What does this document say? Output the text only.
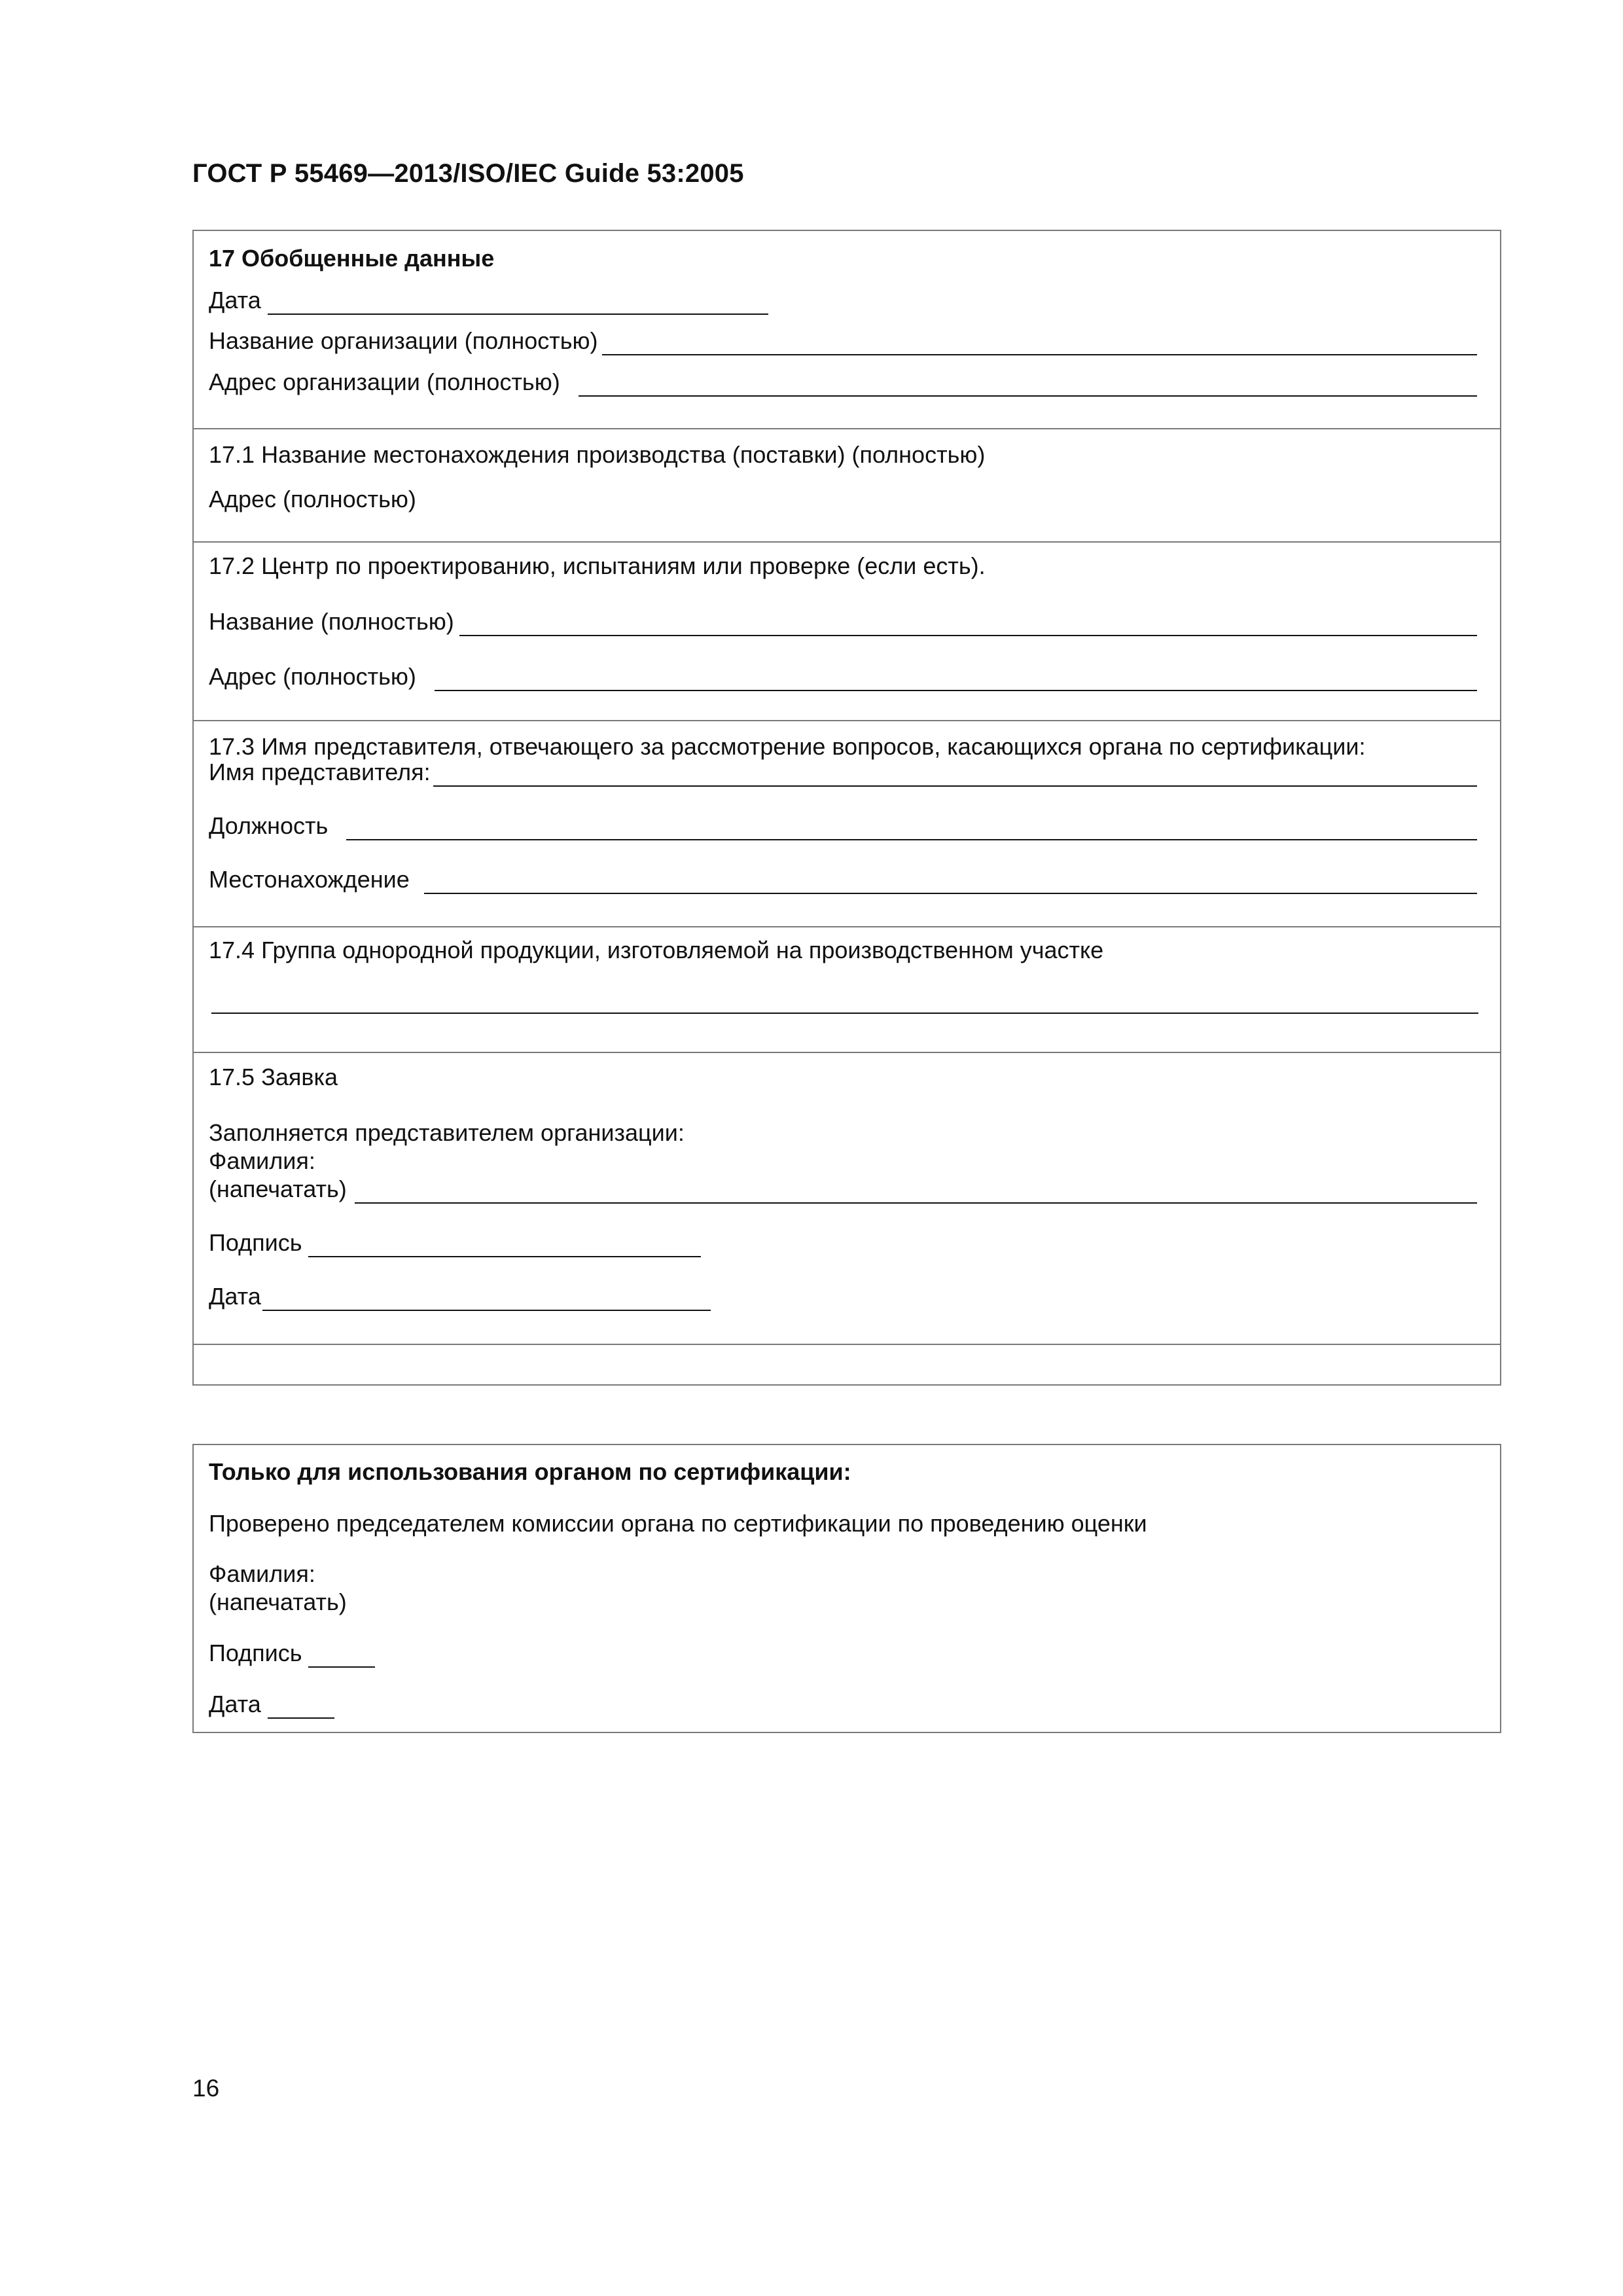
ГОСТ Р 55469—2013/ISO/IEC Guide 53:2005
17 Обобщенные данные
Дата
Название организации (полностью)
Адрес организации (полностью)
17.1 Название местонахождения производства (поставки) (полностью)
Адрес (полностью)
17.2 Центр по проектированию, испытаниям или проверке (если есть).
Название (полностью)
Адрес (полностью)
17.3 Имя представителя, отвечающего за рассмотрение вопросов, касающихся органа по сертификации:
Имя представителя:
Должность
Местонахождение
17.4 Группа однородной продукции, изготовляемой на производственном участке
17.5 Заявка
Заполняется представителем организации:
Фамилия:
(напечатать)
Подпись
Дата
Только для использования органом по сертификации:
Проверено председателем комиссии органа по сертификации по проведению оценки
Фамилия:
(напечатать)
Подпись
Дата
16
